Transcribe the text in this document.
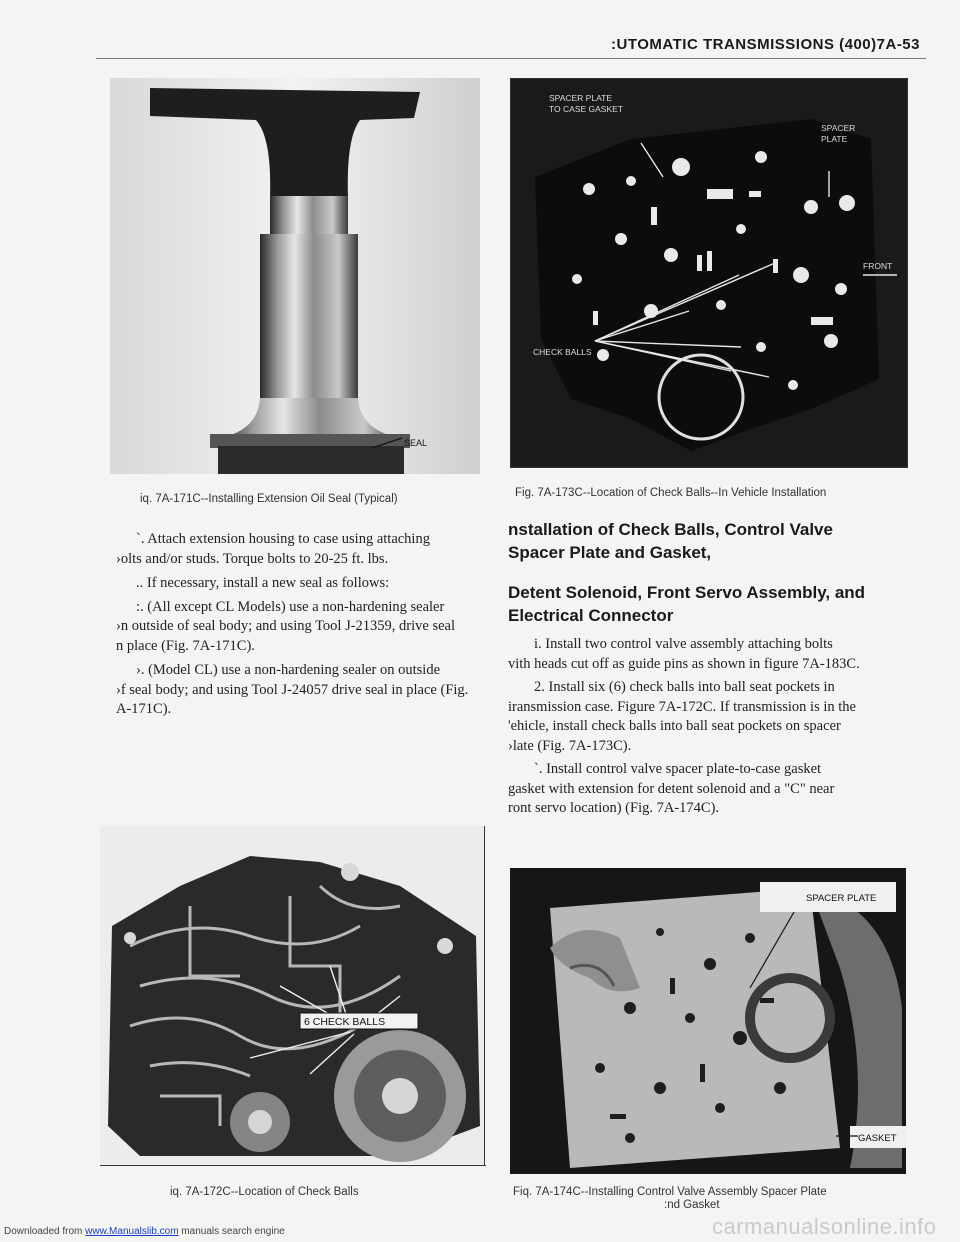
:UTOMATIC TRANSMISSIONS (400)7A-53
SEAL
iq. 7A-171C--Installing Extension Oil Seal (Typical)
SPACER PLATE
TO CASE GASKET
SPACER
PLATE
FRONT
CHECK BALLS
Fig. 7A-173C--Location of Check Balls--In Vehicle Installation
`. Attach extension housing to case using attaching
›olts and/or studs. Torque bolts to 20-25 ft. lbs.
.. If necessary, install a new seal as follows:
:. (All except CL Models) use a non-hardening sealer
›n outside of seal body; and using Tool J-21359, drive seal
n place (Fig. 7A-171C).
›. (Model CL) use a non-hardening sealer on outside
›f seal body; and using Tool J-24057 drive seal in place (Fig.
A-171C).
nstallation of Check Balls, Control Valve
Spacer Plate and Gasket,
Detent Solenoid, Front Servo Assembly, and
Electrical Connector
i. Install two control valve assembly attaching bolts
vith heads cut off as guide pins as shown in figure 7A-183C.
2. Install six (6) check balls into ball seat pockets in
iransmission case. Figure 7A-172C. If transmission is in the
'ehicle, install check balls into ball seat pockets on spacer
›late (Fig. 7A-173C).
`. Install control valve spacer plate-to-case gasket
gasket with extension for detent solenoid and a "C" near
ront servo location) (Fig. 7A-174C).
6 CHECK BALLS
iq. 7A-172C--Location of Check Balls
SPACER PLATE
GASKET
Fiq. 7A-174C--Installing Control Valve Assembly Spacer Plate
:nd Gasket
Downloaded from www.Manualslib.com manuals search engine	carmanualsonline.info
